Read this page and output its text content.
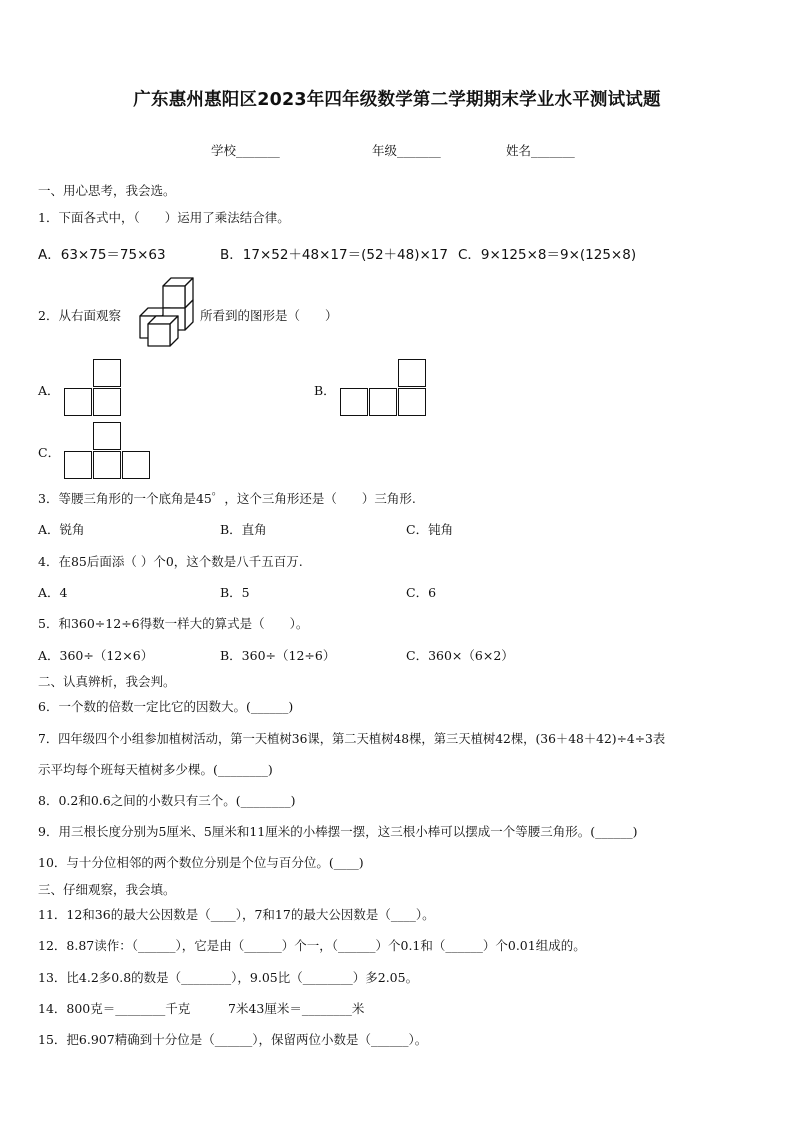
广东惠州惠阳区2023年四年级数学第二学期期末学业水平测试试题
学校_______	年级_______	姓名_______
一、用心思考，我会选。
1．下面各式中，（　　）运用了乘法结合律。
A．63×75＝75×63	B．17×52＋48×17＝(52＋48)×17 C．9×125×8＝9×(125×8)
2．从右面观察	所看到的图形是（　　）
A．	B．
C．
3．等腰三角形的一个底角是45゜，这个三角形还是（　　）三角形.
A．锐角	B．直角	C．钝角
4．在85后面添（ ）个0，这个数是八千五百万.
A．4	B．5	C．6
5．和360÷12÷6得数一样大的算式是（　　）。
A．360÷（12×6）	B．360÷（12÷6）	C．360×（6×2）
二、认真辨析，我会判。
6．一个数的倍数一定比它的因数大。(______)
7．四年级四个小组参加植树活动，第一天植树36课，第二天植树48棵，第三天植树42棵，(36＋48＋42)÷4÷3表
示平均每个班每天植树多少棵。(________)
8．0.2和0.6之间的小数只有三个。(________)
9．用三根长度分别为5厘米、5厘米和11厘米的小棒摆一摆，这三根小棒可以摆成一个等腰三角形。(______)
10．与十分位相邻的两个数位分别是个位与百分位。(____)
三、仔细观察，我会填。
11．12和36的最大公因数是（____），7和17的最大公因数是（____）。
12．8.87读作：（______），它是由（______）个一，（______）个0.1和（______）个0.01组成的。
13．比4.2多0.8的数是（________），9.05比（________）多2.05。
14．800克＝________千克	7米43厘米＝________米
15．把6.907精确到十分位是（______），保留两位小数是（______）。
